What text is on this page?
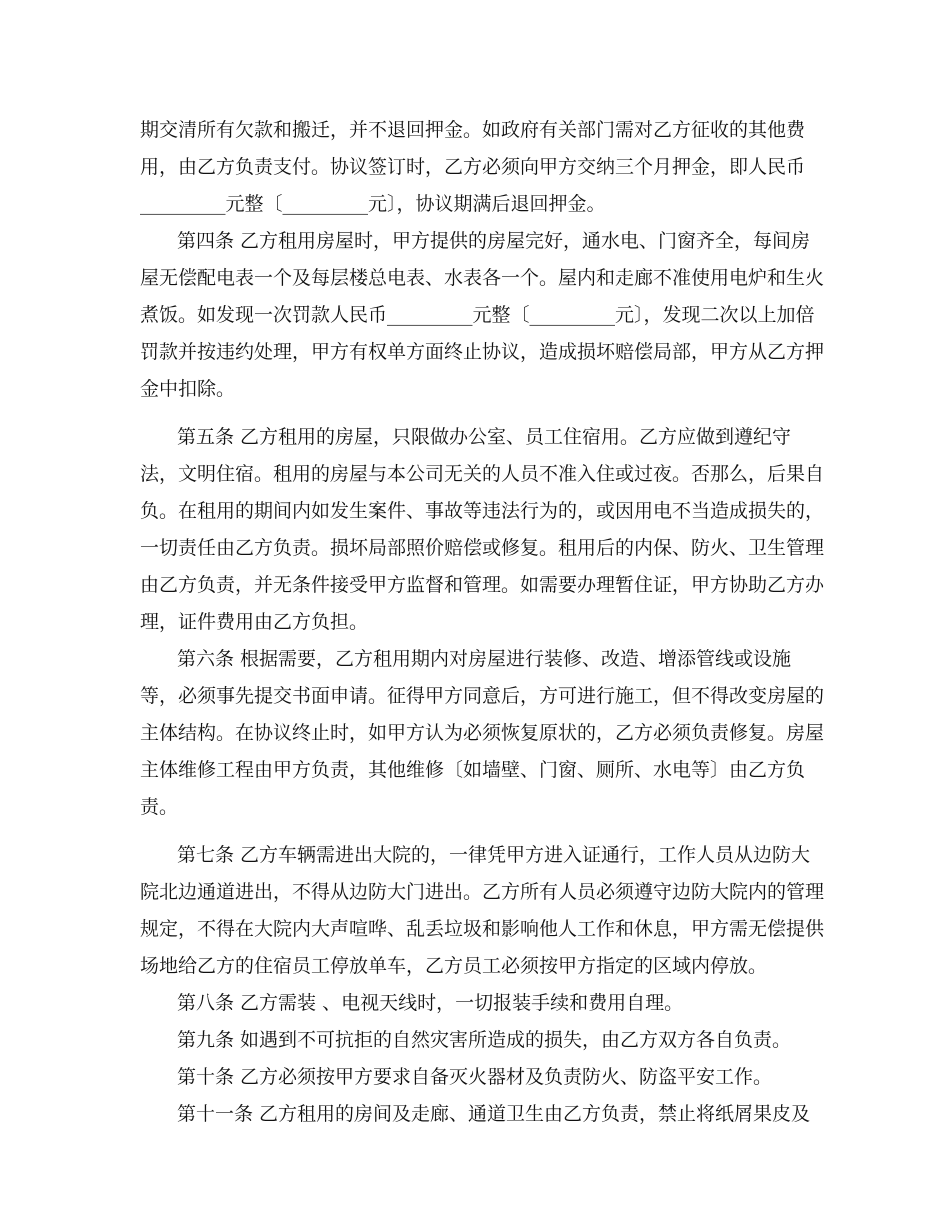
期交清所有欠款和搬迁，并不退回押金。如政府有关部门需对乙方征收的其他费
用，由乙方负责支付。协议签订时，乙方必须向甲方交纳三个月押金，即人民币
_________元整〔_________元〕，协议期满后退回押金。
第四条 乙方租用房屋时，甲方提供的房屋完好，通水电、门窗齐全，每间房
屋无偿配电表一个及每层楼总电表、水表各一个。屋内和走廊不准使用电炉和生火
煮饭。如发现一次罚款人民币_________元整〔_________元〕，发现二次以上加倍
罚款并按违约处理，甲方有权单方面终止协议，造成损坏赔偿局部，甲方从乙方押
金中扣除。
第五条 乙方租用的房屋，只限做办公室、员工住宿用。乙方应做到遵纪守
法，文明住宿。租用的房屋与本公司无关的人员不准入住或过夜。否那么，后果自
负。在租用的期间内如发生案件、事故等违法行为的，或因用电不当造成损失的，
一切责任由乙方负责。损坏局部照价赔偿或修复。租用后的内保、防火、卫生管理
由乙方负责，并无条件接受甲方监督和管理。如需要办理暂住证，甲方协助乙方办
理，证件费用由乙方负担。
第六条 根据需要，乙方租用期内对房屋进行装修、改造、增添管线或设施
等，必须事先提交书面申请。征得甲方同意后，方可进行施工，但不得改变房屋的
主体结构。在协议终止时，如甲方认为必须恢复原状的，乙方必须负责修复。房屋
主体维修工程由甲方负责，其他维修〔如墙壁、门窗、厕所、水电等〕由乙方负
责。
第七条 乙方车辆需进出大院的，一律凭甲方进入证通行，工作人员从边防大
院北边通道进出，不得从边防大门进出。乙方所有人员必须遵守边防大院内的管理
规定，不得在大院内大声喧哗、乱丢垃圾和影响他人工作和休息，甲方需无偿提供
场地给乙方的住宿员工停放单车，乙方员工必须按甲方指定的区域内停放。
第八条 乙方需装 、电视天线时，一切报装手续和费用自理。
第九条 如遇到不可抗拒的自然灾害所造成的损失，由乙方双方各自负责。
第十条 乙方必须按甲方要求自备灭火器材及负责防火、防盗平安工作。
第十一条 乙方租用的房间及走廊、通道卫生由乙方负责，禁止将纸屑果皮及
